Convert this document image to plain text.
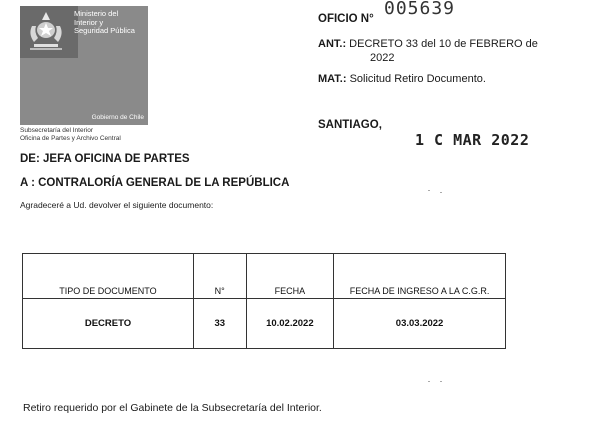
Ministerio del
Interior y
Seguridad Pública
Gobierno de Chile
Subsecretaría del Interior
Oficina de Partes y Archivo Central
OFICIO N° 005639
ANT.: DECRETO 33 del 10 de FEBRERO de
2022
MAT.: Solicitud Retiro Documento.
SANTIAGO,
1 C MAR 2022
DE: JEFA OFICINA DE PARTES
A : CONTRALORÍA GENERAL DE LA REPÚBLICA
Agradeceré a Ud. devolver el siguiente documento:
TIPO DE DOCUMENTO	N°	FECHA	FECHA DE INGRESO A LA C.G.R.
DECRETO	33	10.02.2022	03.03.2022
Retiro requerido por el Gabinete de la Subsecretaría del Interior.
